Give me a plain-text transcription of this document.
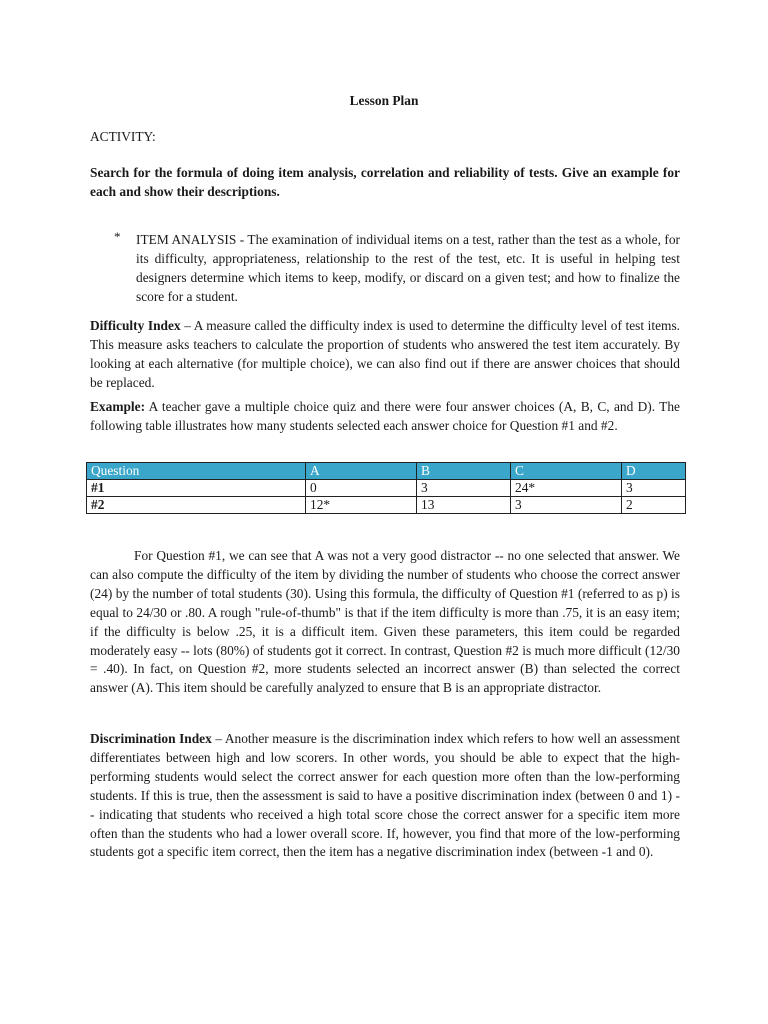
Lesson Plan

ACTIVITY:

Search for the formula of doing item analysis, correlation and reliability of tests. Give an example for each and show their descriptions.

* ITEM ANALYSIS - The examination of individual items on a test, rather than the test as a whole, for its difficulty, appropriateness, relationship to the rest of the test, etc. It is useful in helping test designers determine which items to keep, modify, or discard on a given test; and how to finalize the score for a student.

Difficulty Index – A measure called the difficulty index is used to determine the difficulty level of test items. This measure asks teachers to calculate the proportion of students who answered the test item accurately. By looking at each alternative (for multiple choice), we can also find out if there are answer choices that should be replaced.

Example: A teacher gave a multiple choice quiz and there were four answer choices (A, B, C, and D). The following table illustrates how many students selected each answer choice for Question #1 and #2.

Question	A	B	C	D
#1	0	3	24*	3
#2	12*	13	3	2

For Question #1, we can see that A was not a very good distractor -- no one selected that answer. We can also compute the difficulty of the item by dividing the number of students who choose the correct answer (24) by the number of total students (30). Using this formula, the difficulty of Question #1 (referred to as p) is equal to 24/30 or .80. A rough "rule-of-thumb" is that if the item difficulty is more than .75, it is an easy item; if the difficulty is below .25, it is a difficult item. Given these parameters, this item could be regarded moderately easy -- lots (80%) of students got it correct. In contrast, Question #2 is much more difficult (12/30 = .40). In fact, on Question #2, more students selected an incorrect answer (B) than selected the correct answer (A). This item should be carefully analyzed to ensure that B is an appropriate distractor.

Discrimination Index – Another measure is the discrimination index which refers to how well an assessment differentiates between high and low scorers. In other words, you should be able to expect that the high-performing students would select the correct answer for each question more often than the low-performing students. If this is true, then the assessment is said to have a positive discrimination index (between 0 and 1) -- indicating that students who received a high total score chose the correct answer for a specific item more often than the students who had a lower overall score. If, however, you find that more of the low-performing students got a specific item correct, then the item has a negative discrimination index (between -1 and 0).
